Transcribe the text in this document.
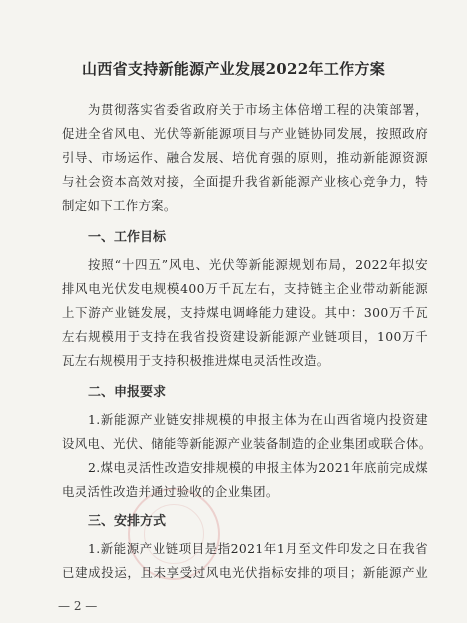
山西省支持新能源产业发展2022年工作方案
为贯彻落实省委省政府关于市场主体倍增工程的决策部署，
促进全省风电、光伏等新能源项目与产业链协同发展，按照政府
引导、市场运作、融合发展、培优育强的原则，推动新能源资源
与社会资本高效对接，全面提升我省新能源产业核心竞争力，特
制定如下工作方案。
一、工作目标
按照“十四五”风电、光伏等新能源规划布局，2022年拟安
排风电光伏发电规模400万千瓦左右，支持链主企业带动新能源
上下游产业链发展，支持煤电调峰能力建设。其中：300万千瓦
左右规模用于支持在我省投资建设新能源产业链项目，100万千
瓦左右规模用于支持积极推进煤电灵活性改造。
二、申报要求
1.新能源产业链安排规模的申报主体为在山西省境内投资建
设风电、光伏、储能等新能源产业装备制造的企业集团或联合体。
2.煤电灵活性改造安排规模的申报主体为2021年底前完成煤
电灵活性改造并通过验收的企业集团。
三、安排方式
1.新能源产业链项目是指2021年1月至文件印发之日在我省
已建成投运，且未享受过风电光伏指标安排的项目；新能源产业
— 2 —
